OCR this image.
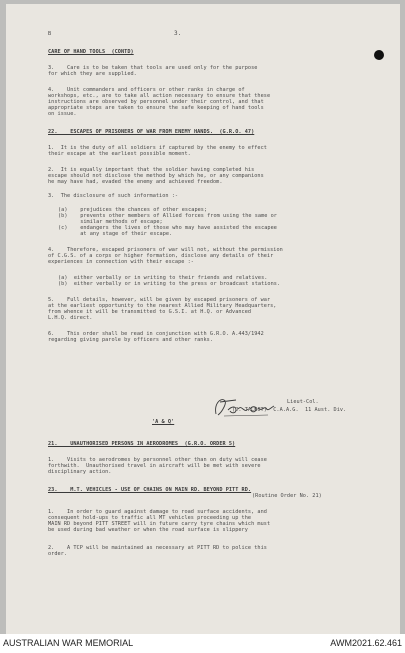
B	3.
CARE OF HAND TOOLS  (CONTD)
3.    Care is to be taken that tools are used only for the purpose
for which they are supplied.
4.    Unit commanders and officers or other ranks in charge of
workshops, etc., are to take all action necessary to ensure that these
instructions are observed by personnel under their control, and that
appropriate steps are taken to ensure the safe keeping of hand tools
on issue.
22.    ESCAPES OF PRISONERS OF WAR FROM ENEMY HANDS.  (G.R.O. 47)
1.  It is the duty of all soldiers if captured by the enemy to effect
their escape at the earliest possible moment.
2.  It is equally important that the soldier having completed his
escape should not disclose the method by which he, or any companions
he may have had, evaded the enemy and achieved freedom.
3.  The disclosure of such information :-
(a)    prejudices the chances of other escapes;
(b)    prevents other members of Allied forces from using the same or
similar methods of escape;
(c)    endangers the lives of those who may have assisted the escapee
at any stage of their escape.
4.    Therefore, escaped prisoners of war will not, without the permission
of C.G.S. of a corps or higher formation, disclose any details of their
experiences in connection with their escape :-
(a)  either verbally or in writing to their friends and relatives.
(b)  either verbally or in writing to the press or broadcast stations.
5.    Full details, however, will be given by escaped prisoners of war
at the earliest opportunity to the nearest Allied Military Headquarters,
from whence it will be transmitted to G.S.I. at H.Q. or Advanced
L.H.Q. direct.
6.    This order shall be read in conjunction with G.R.O. A.443/1942
regarding giving parole by officers and other ranks.
Lieut-Col.
(J. TALBOT)  C.A.A.G.  11 Aust. Div.
'A & Q'
21.    UNAUTHORISED PERSONS IN AERODROMES  (G.R.O. ORDER 5)
1.    Visits to aerodromes by personnel other than on duty will cease
forthwith.  Unauthorised travel in aircraft will be met with severe
disciplinary action.
23.    M.T. VEHICLES - USE OF CHAINS ON MAIN RD. BEYOND PITT RD.
(Routine Order No. 21)
1.    In order to guard against damage to road surface accidents, and
consequent hold-ups to traffic all MT vehicles proceeding up the
MAIN RD beyond PITT STREET will in future carry tyre chains which must
be used during bad weather or when the road surface is slippery
2.    A TCP will be maintained as necessary at PITT RD to police this
order.
AUSTRALIAN WAR MEMORIAL	AWM2021.62.461
